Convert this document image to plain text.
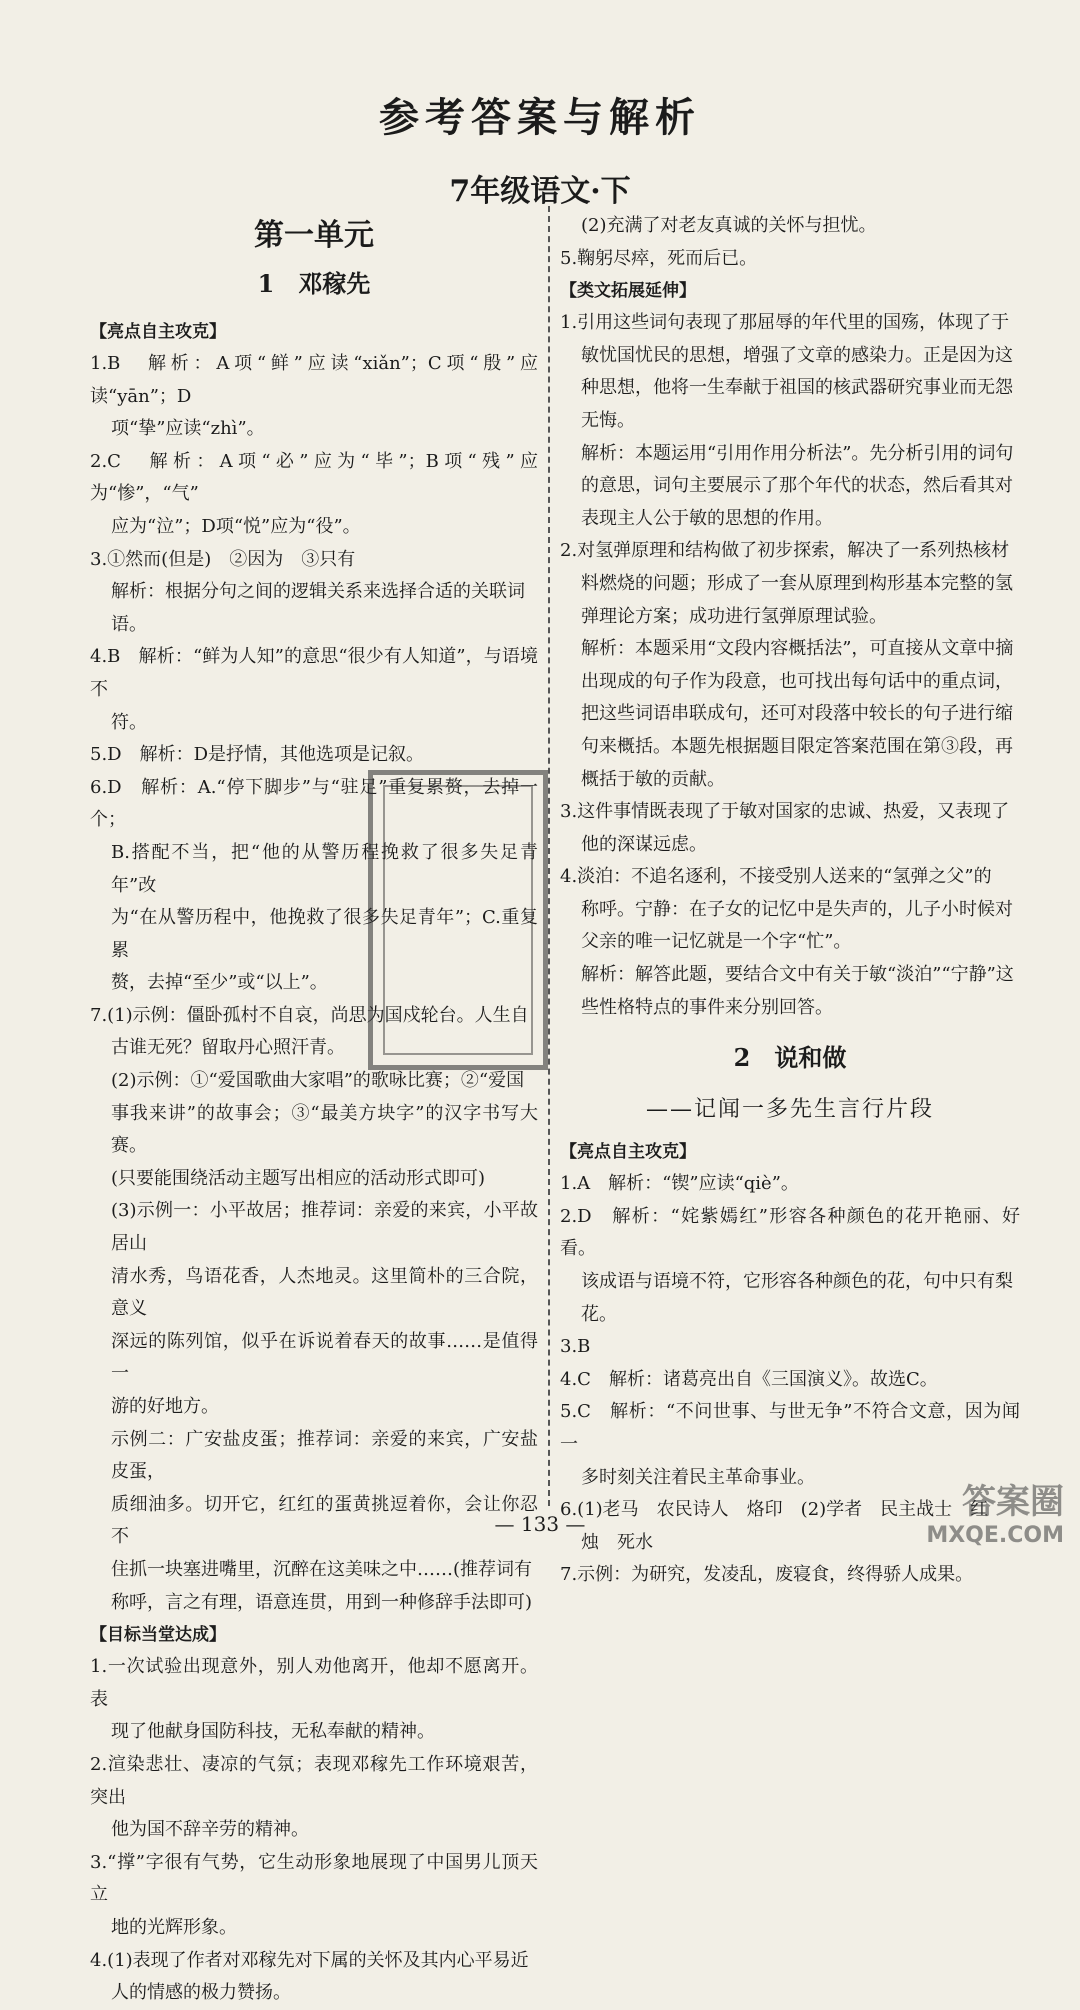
参考答案与解析
7年级语文·下
第一单元
1　邓稼先
【亮点自主攻克】
1.B　解析：A项“鲜”应读“xiǎn”；C项“殷”应读“yān”；D
项“挚”应读“zhì”。
2.C　解析：A项“必”应为“毕”；B项“残”应为“惨”，“气”
应为“泣”；D项“悦”应为“役”。
3.①然而(但是)　②因为　③只有
解析：根据分句之间的逻辑关系来选择合适的关联词
语。
4.B　解析：“鲜为人知”的意思“很少有人知道”，与语境不
符。
5.D　解析：D是抒情，其他选项是记叙。
6.D　解析：A.“停下脚步”与“驻足”重复累赘，去掉一个；
B.搭配不当，把“他的从警历程挽救了很多失足青年”改
为“在从警历程中，他挽救了很多失足青年”；C.重复累
赘，去掉“至少”或“以上”。
7.(1)示例：僵卧孤村不自哀，尚思为国戍轮台。人生自
古谁无死？留取丹心照汗青。
(2)示例：①“爱国歌曲大家唱”的歌咏比赛；②“爱国
事我来讲”的故事会；③“最美方块字”的汉字书写大赛。
(只要能围绕活动主题写出相应的活动形式即可)
(3)示例一：小平故居；推荐词：亲爱的来宾，小平故居山
清水秀，鸟语花香，人杰地灵。这里简朴的三合院，意义
深远的陈列馆，似乎在诉说着春天的故事……是值得一
游的好地方。
示例二：广安盐皮蛋；推荐词：亲爱的来宾，广安盐皮蛋，
质细油多。切开它，红红的蛋黄挑逗着你，会让你忍不
住抓一块塞进嘴里，沉醉在这美味之中……(推荐词有
称呼，言之有理，语意连贯，用到一种修辞手法即可)
【目标当堂达成】
1.一次试验出现意外，别人劝他离开，他却不愿离开。表
现了他献身国防科技，无私奉献的精神。
2.渲染悲壮、凄凉的气氛；表现邓稼先工作环境艰苦，突出
他为国不辞辛劳的精神。
3.“撑”字很有气势，它生动形象地展现了中国男儿顶天立
地的光辉形象。
4.(1)表现了作者对邓稼先对下属的关怀及其内心平易近
人的情感的极力赞扬。
(2)充满了对老友真诚的关怀与担忧。
5.鞠躬尽瘁，死而后已。
【类文拓展延伸】
1.引用这些词句表现了那屈辱的年代里的国殇，体现了于
敏忧国忧民的思想，增强了文章的感染力。正是因为这
种思想，他将一生奉献于祖国的核武器研究事业而无怨
无悔。
解析：本题运用“引用作用分析法”。先分析引用的词句
的意思，词句主要展示了那个年代的状态，然后看其对
表现主人公于敏的思想的作用。
2.对氢弹原理和结构做了初步探索，解决了一系列热核材
料燃烧的问题；形成了一套从原理到构形基本完整的氢
弹理论方案；成功进行氢弹原理试验。
解析：本题采用“文段内容概括法”，可直接从文章中摘
出现成的句子作为段意，也可找出每句话中的重点词，
把这些词语串联成句，还可对段落中较长的句子进行缩
句来概括。本题先根据题目限定答案范围在第③段，再
概括于敏的贡献。
3.这件事情既表现了于敏对国家的忠诚、热爱，又表现了
他的深谋远虑。
4.淡泊：不追名逐利，不接受别人送来的“氢弹之父”的
称呼。宁静：在子女的记忆中是失声的，儿子小时候对
父亲的唯一记忆就是一个字“忙”。
解析：解答此题，要结合文中有关于敏“淡泊”“宁静”这
些性格特点的事件来分别回答。
2　说和做
——记闻一多先生言行片段
【亮点自主攻克】
1.A　解析：“锲”应读“qiè”。
2.D　解析：“姹紫嫣红”形容各种颜色的花开艳丽、好看。
该成语与语境不符，它形容各种颜色的花，句中只有梨
花。
3.B
4.C　解析：诸葛亮出自《三国演义》。故选C。
5.C　解析：“不问世事、与世无争”不符合文意，因为闻一
多时刻关注着民主革命事业。
6.(1)老马　农民诗人　烙印　(2)学者　民主战士　红
烛　死水
7.示例：为研究，发凌乱，废寝食，终得骄人成果。
— 133 —
答案圈
MXQE.COM
